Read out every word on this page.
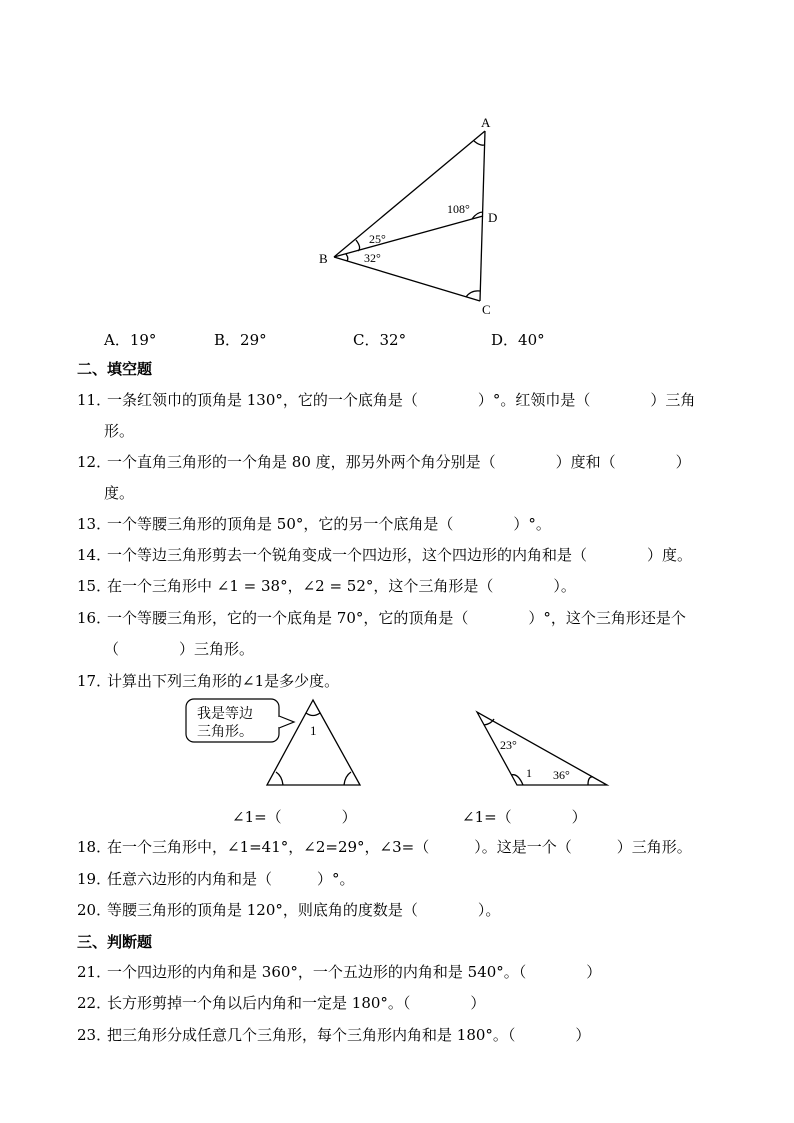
A
B
C
D
108°
25°
32°
A．19°	B．29°	C．32°	D．40°
二、填空题
11．一条红领巾的顶角是 130°，它的一个底角是（　　　　）°。红领巾是（　　　　）三角
形。
12．一个直角三角形的一个角是 80 度，那另外两个角分别是（　　　　）度和（　　　　）
度。
13．一个等腰三角形的顶角是 50°，它的另一个底角是（　　　　）°。
14．一个等边三角形剪去一个锐角变成一个四边形，这个四边形的内角和是（　　　　）度。
15．在一个三角形中 ∠1 = 38°，∠2 = 52°，这个三角形是（　　　　）。
16．一个等腰三角形，它的一个底角是 70°，它的顶角是（　　　　）°，这个三角形还是个
（　　　　）三角形。
17．计算出下列三角形的∠1是多少度。
我是等边
三角形。	1
23°
1 36°
∠1=（　　　　）	∠1=（　　　　）
18．在一个三角形中，∠1=41°，∠2=29°，∠3=（　　　）。这是一个（　　　）三角形。
19．任意六边形的内角和是（　　　）°。
20．等腰三角形的顶角是 120°，则底角的度数是（　　　　）。
三、判断题
21．一个四边形的内角和是 360°，一个五边形的内角和是 540°。（　　　　）
22．长方形剪掉一个角以后内角和一定是 180°。（　　　　）
23．把三角形分成任意几个三角形，每个三角形内角和是 180°。（　　　　）
